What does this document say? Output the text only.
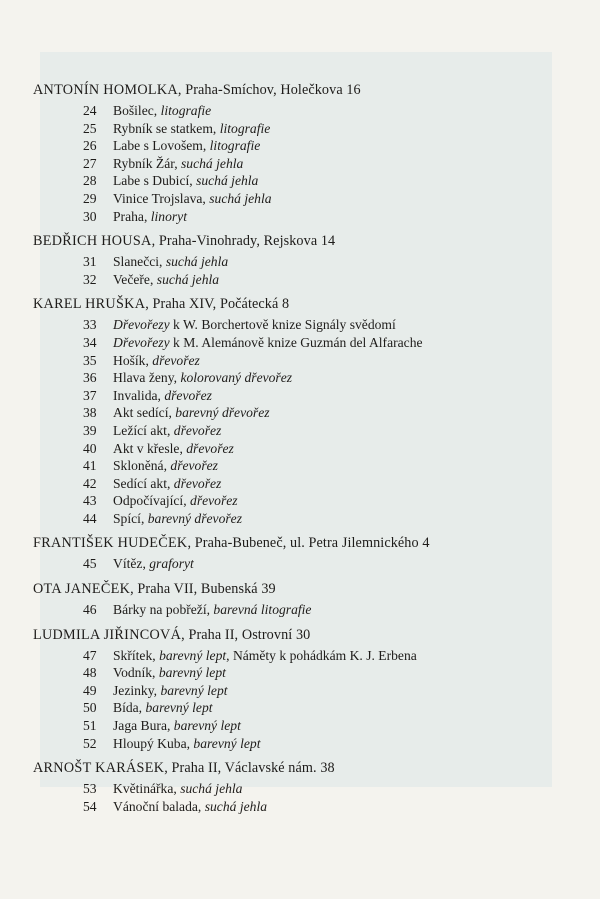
ANTONÍN HOMOLKA, Praha-Smíchov, Holečkova 16
24	Bošilec, litografie
25	Rybník se statkem, litografie
26	Labe s Lovošem, litografie
27	Rybník Žár, suchá jehla
28	Labe s Dubicí, suchá jehla
29	Vinice Trojslava, suchá jehla
30	Praha, linoryt
BEDŘICH HOUSA, Praha-Vinohrady, Rejskova 14
31	Slanečci, suchá jehla
32	Večeře, suchá jehla
KAREL HRUŠKA, Praha XIV, Počátecká 8
33	Dřevořezy k W. Borchertově knize Signály svědomí
34	Dřevořezy k M. Alemánově knize Guzmán del Alfarache
35	Hošík, dřevořez
36	Hlava ženy, kolorovaný dřevořez
37	Invalida, dřevořez
38	Akt sedící, barevný dřevořez
39	Ležící akt, dřevořez
40	Akt v křesle, dřevořez
41	Skloněná, dřevořez
42	Sedící akt, dřevořez
43	Odpočívající, dřevořez
44	Spící, barevný dřevořez
FRANTIŠEK HUDEČEK, Praha-Bubeneč, ul. Petra Jilemnického 4
45	Vítěz, graforyt
OTA JANEČEK, Praha VII, Bubenská 39
46	Bárky na pobřeží, barevná litografie
LUDMILA JIŘINCOVÁ, Praha II, Ostrovní 30
47	Skřítek, barevný lept, Náměty k pohádkám K. J. Erbena
48	Vodník, barevný lept
49	Jezinky, barevný lept
50	Bída, barevný lept
51	Jaga Bura, barevný lept
52	Hloupý Kuba, barevný lept
ARNOŠT KARÁSEK, Praha II, Václavské nám. 38
53	Květinářka, suchá jehla
54	Vánoční balada, suchá jehla
